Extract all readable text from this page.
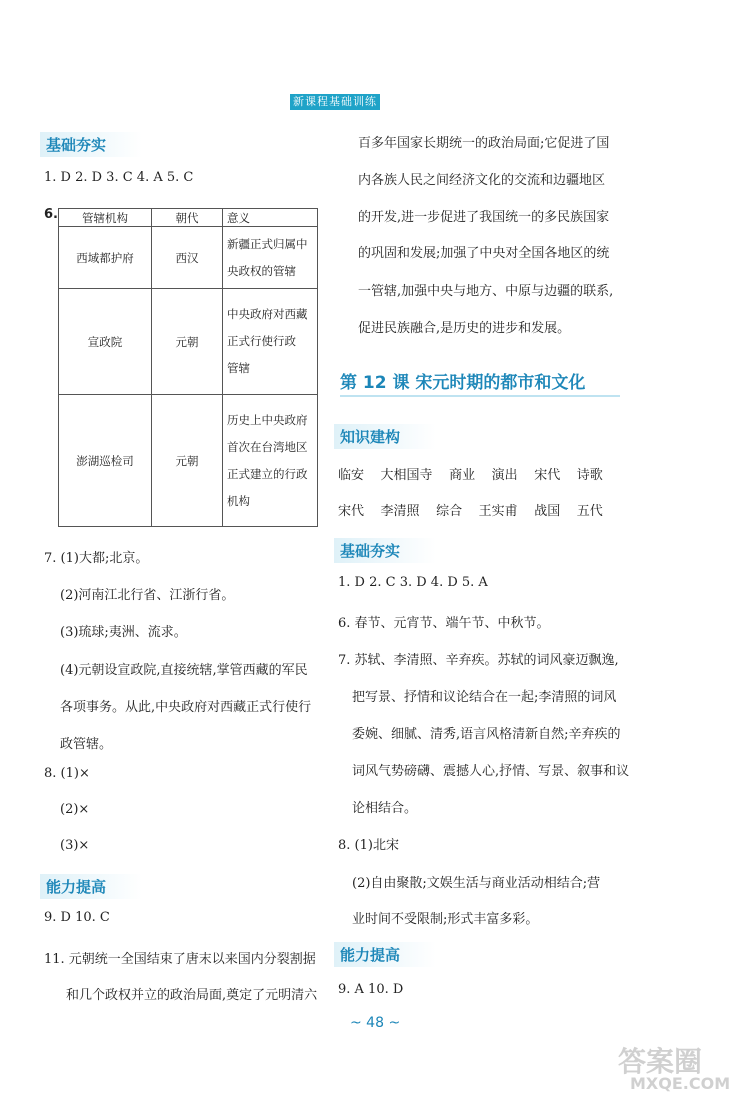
新课程基础训练
基础夯实
1. D 2. D 3. C 4. A 5. C
6. 管辖机构	朝代	意义
西域都护府	西汉	新疆正式归属中
央政权的管辖

宣政院	元朝	中央政府对西藏
正式行使行政
管辖

澎湖巡检司	元朝	历史上中央政府
首次在台湾地区
正式建立的行政
机构
7. (1)大都;北京。
(2)河南江北行省、江浙行省。
(3)琉球;夷洲、流求。
(4)元朝设宣政院,直接统辖,掌管西藏的军民
各项事务。从此,中央政府对西藏正式行使行
政管辖。
8. (1)×
(2)×
(3)×
能力提高
9. D 10. C
11. 元朝统一全国结束了唐末以来国内分裂割据
和几个政权并立的政治局面,奠定了元明清六
百多年国家长期统一的政治局面;它促进了国
内各族人民之间经济文化的交流和边疆地区
的开发,进一步促进了我国统一的多民族国家
的巩固和发展;加强了中央对全国各地区的统
一管辖,加强中央与地方、中原与边疆的联系,
促进民族融合,是历史的进步和发展。
第 12 课 宋元时期的都市和文化
知识建构
临安 大相国寺 商业 演出 宋代 诗歌
宋代 李清照 综合 王实甫 战国 五代
基础夯实
1. D 2. C 3. D 4. D 5. A
6. 春节、元宵节、端午节、中秋节。
7. 苏轼、李清照、辛弃疾。苏轼的词风豪迈飘逸,
把写景、抒情和议论结合在一起;李清照的词风
委婉、细腻、清秀,语言风格清新自然;辛弃疾的
词风气势磅礴、震撼人心,抒情、写景、叙事和议
论相结合。
8. (1)北宋
(2)自由聚散;文娱生活与商业活动相结合;营
业时间不受限制;形式丰富多彩。
能力提高
9. A 10. D
~ 48 ~
答案圈
MXQE.COM
